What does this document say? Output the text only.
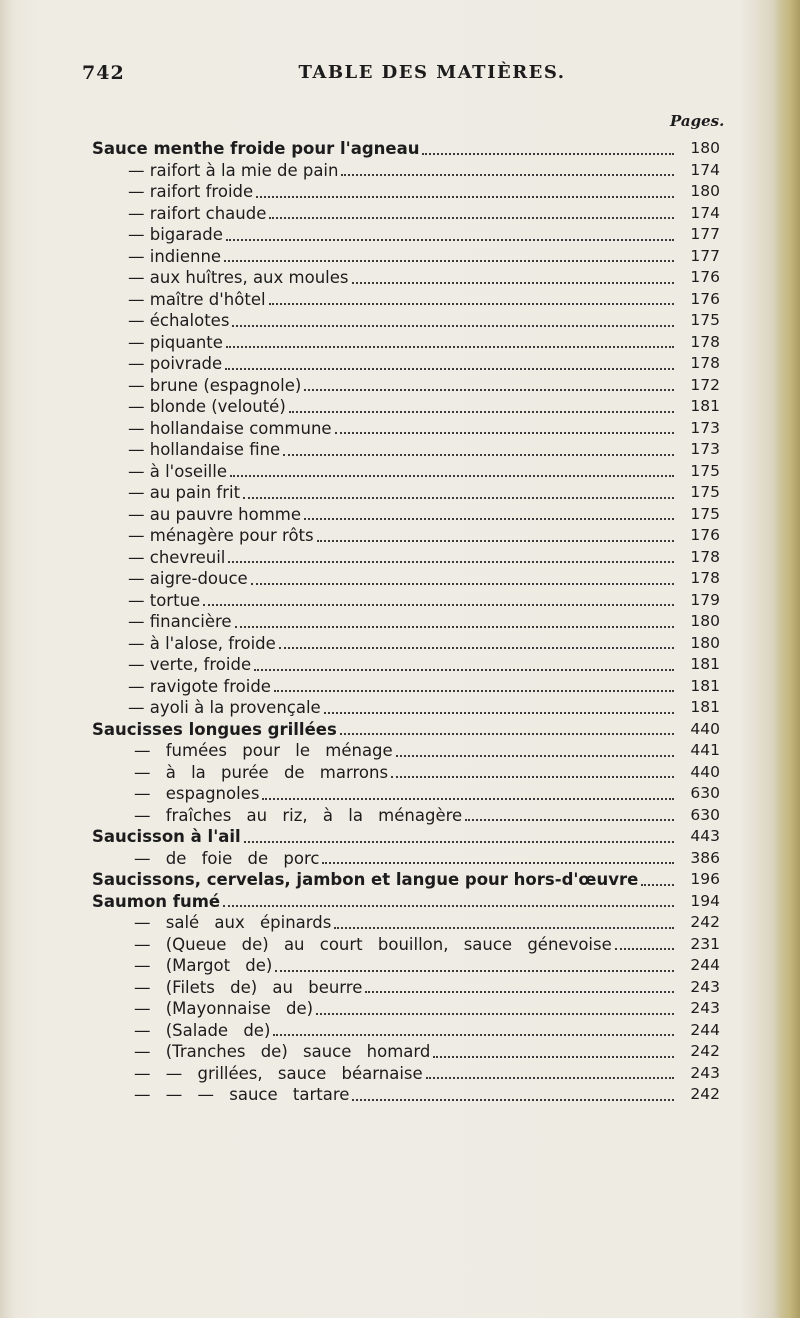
742	TABLE DES MATIÈRES.
Pages.
Sauce menthe froide pour l'agneau	180
— raifort à la mie de pain	174
— raifort froide	180
— raifort chaude	174
— bigarade	177
— indienne	177
— aux huîtres, aux moules	176
— maître d'hôtel	176
— échalotes	175
— piquante	178
— poivrade	178
— brune (espagnole)	172
— blonde (velouté)	181
— hollandaise commune	173
— hollandaise fine	173
— à l'oseille	175
— au pain frit	175
— au pauvre homme	175
— ménagère pour rôts	176
— chevreuil	178
— aigre-douce	178
— tortue	179
— financière	180
— à l'alose, froide	180
— verte, froide	181
— ravigote froide	181
— ayoli à la provençale	181
Saucisses longues grillées	440
— fumées pour le ménage	441
— à la purée de marrons	440
— espagnoles	630
— fraîches au riz, à la ménagère	630
Saucisson à l'ail	443
— de foie de porc	386
Saucissons, cervelas, jambon et langue pour hors-d'œuvre	196
Saumon fumé	194
— salé aux épinards	242
— (Queue de) au court bouillon, sauce génevoise	231
— (Margot de)	244
— (Filets de) au beurre	243
— (Mayonnaise de)	243
— (Salade de)	244
— (Tranches de) sauce homard	242
— — grillées, sauce béarnaise	243
— — — sauce tartare	242
